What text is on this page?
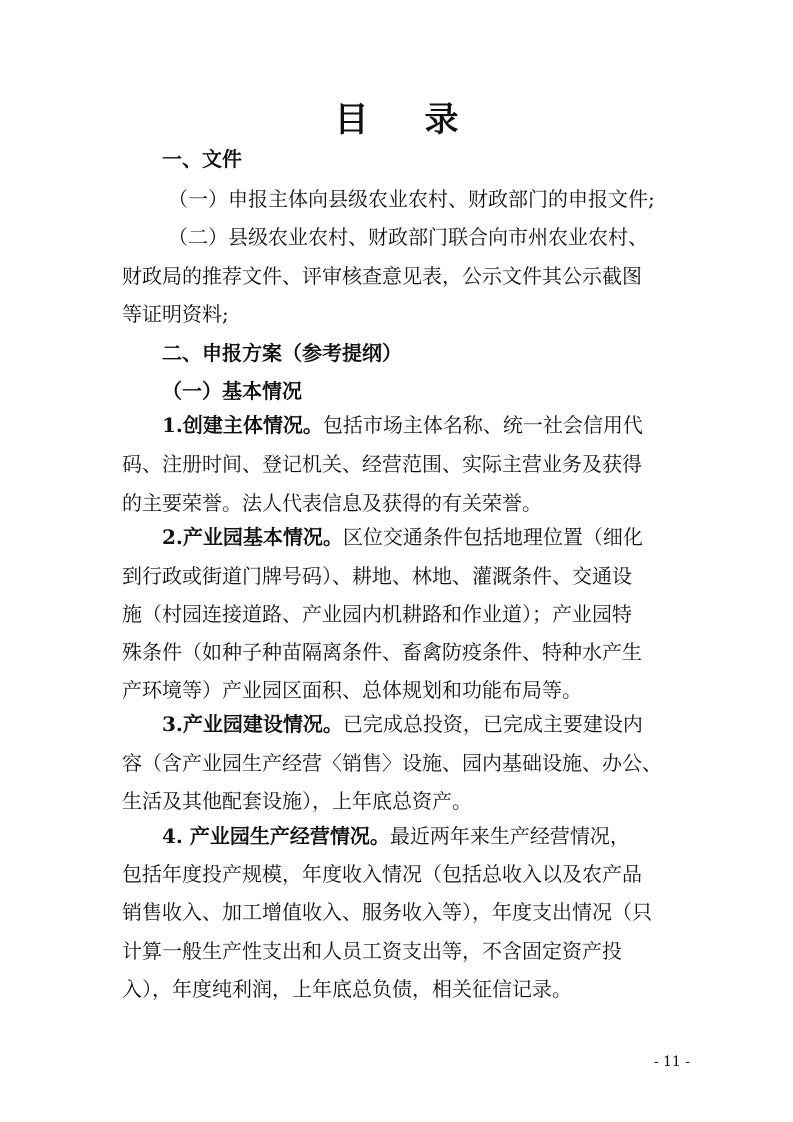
目录
一、文件
（一）申报主体向县级农业农村、财政部门的申报文件;
（二）县级农业农村、财政部门联合向市州农业农村、
财政局的推荐文件、评审核查意见表，公示文件其公示截图
等证明资料;
二、申报方案（参考提纲）
（一）基本情况
1.创建主体情况。包括市场主体名称、统一社会信用代
码、注册时间、登记机关、经营范围、实际主营业务及获得
的主要荣誉。法人代表信息及获得的有关荣誉。
2.产业园基本情况。区位交通条件包括地理位置（细化
到行政或街道门牌号码）、耕地、林地、灌溉条件、交通设
施（村园连接道路、产业园内机耕路和作业道）；产业园特
殊条件（如种子种苗隔离条件、畜禽防疫条件、特种水产生
产环境等）产业园区面积、总体规划和功能布局等。
3.产业园建设情况。已完成总投资，已完成主要建设内
容（含产业园生产经营〈销售〉设施、园内基础设施、办公、
生活及其他配套设施），上年底总资产。
4. 产业园生产经营情况。最近两年来生产经营情况，
包括年度投产规模，年度收入情况（包括总收入以及农产品
销售收入、加工增值收入、服务收入等），年度支出情况（只
计算一般生产性支出和人员工资支出等，不含固定资产投
入），年度纯利润，上年底总负债，相关征信记录。
- 11 -
